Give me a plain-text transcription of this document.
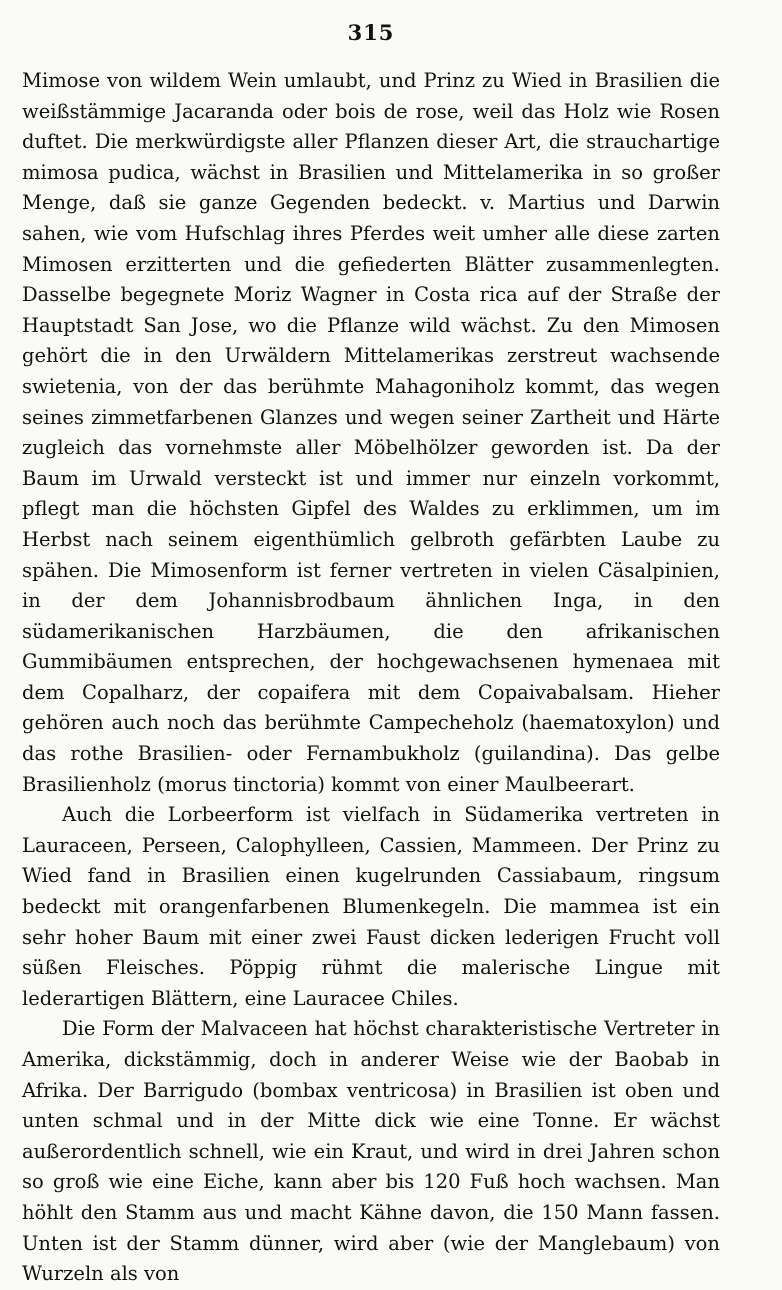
315

Mimose von wildem Wein umlaubt, und Prinz zu Wied in Brasilien die weißstämmige Jacaranda oder bois de rose, weil das Holz wie Rosen duftet. Die merkwürdigste aller Pflanzen dieser Art, die strauchartige mimosa pudica, wächst in Brasilien und Mittelamerika in so großer Menge, daß sie ganze Gegenden bedeckt. v. Martius und Darwin sahen, wie vom Hufschlag ihres Pferdes weit umher alle diese zarten Mimosen erzitterten und die gefiederten Blätter zusammenlegten. Dasselbe begegnete Moriz Wagner in Costa rica auf der Straße der Hauptstadt San Jose, wo die Pflanze wild wächst. Zu den Mimosen gehört die in den Urwäldern Mittelamerikas zerstreut wachsende swietenia, von der das berühmte Mahagoniholz kommt, das wegen seines zimmetfarbenen Glanzes und wegen seiner Zartheit und Härte zugleich das vornehmste aller Möbelhölzer geworden ist. Da der Baum im Urwald versteckt ist und immer nur einzeln vorkommt, pflegt man die höchsten Gipfel des Waldes zu erklimmen, um im Herbst nach seinem eigenthümlich gelbroth gefärbten Laube zu spähen. Die Mimosenform ist ferner vertreten in vielen Cäsalpinien, in der dem Johannisbrodbaum ähnlichen Inga, in den südamerikanischen Harzbäumen, die den afrikanischen Gummibäumen entsprechen, der hochgewachsenen hymenaea mit dem Copalharz, der copaifera mit dem Copaivabalsam. Hieher gehören auch noch das berühmte Campecheholz (haematoxylon) und das rothe Brasilien- oder Fernambukholz (guilandina). Das gelbe Brasilienholz (morus tinctoria) kommt von einer Maulbeerart.

Auch die Lorbeerform ist vielfach in Südamerika vertreten in Lauraceen, Perseen, Calophylleen, Cassien, Mammeen. Der Prinz zu Wied fand in Brasilien einen kugelrunden Cassiabaum, ringsum bedeckt mit orangenfarbenen Blumenkegeln. Die mammea ist ein sehr hoher Baum mit einer zwei Faust dicken lederigen Frucht voll süßen Fleisches. Pöppig rühmt die malerische Lingue mit lederartigen Blättern, eine Lauracee Chiles.

Die Form der Malvaceen hat höchst charakteristische Vertreter in Amerika, dickstämmig, doch in anderer Weise wie der Baobab in Afrika. Der Barrigudo (bombax ventricosa) in Brasilien ist oben und unten schmal und in der Mitte dick wie eine Tonne. Er wächst außerordentlich schnell, wie ein Kraut, und wird in drei Jahren schon so groß wie eine Eiche, kann aber bis 120 Fuß hoch wachsen. Man höhlt den Stamm aus und macht Kähne davon, die 150 Mann fassen. Unten ist der Stamm dünner, wird aber (wie der Manglebaum) von Wurzeln als von
